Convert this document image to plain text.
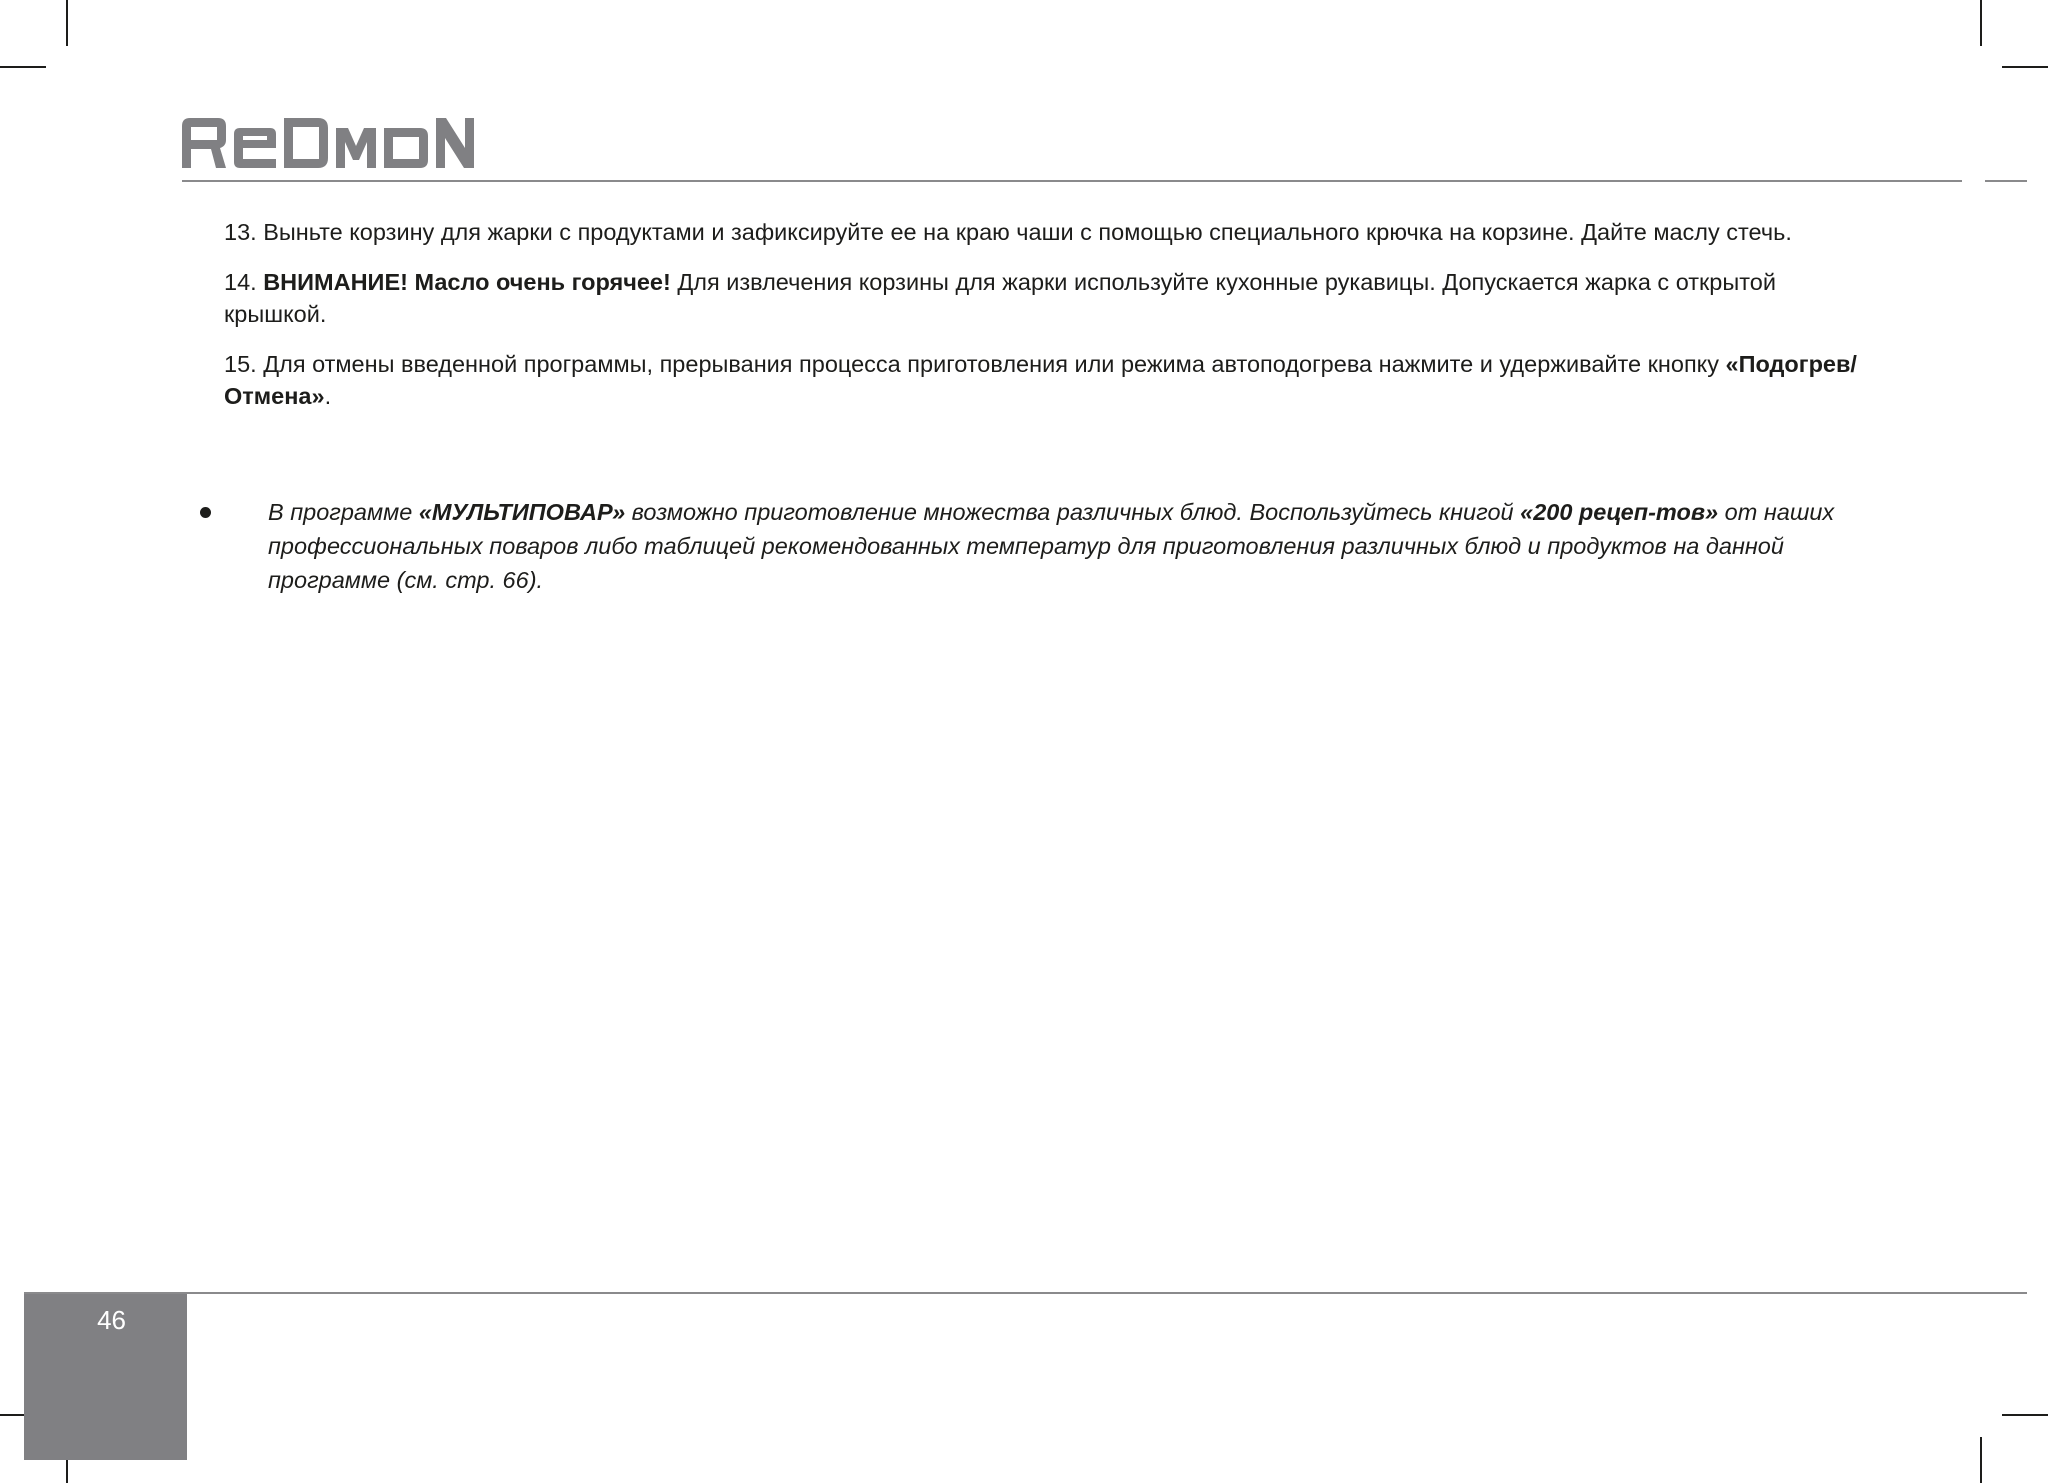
13. Выньте корзину для жарки с продуктами и зафиксируйте ее на краю чаши с помощью специального крючка на корзине. Дайте маслу стечь.

14. ВНИМАНИЕ! Масло очень горячее! Для извлечения корзины для жарки используйте кухонные рукавицы. Допускается жарка с открытой крышкой.

15. Для отмены введенной программы, прерывания процесса приготовления или режима автоподогрева нажмите и удерживайте кнопку «Подогрев/Отмена».

В программе «МУЛЬТИПОВАР» возможно приготовление множества различных блюд. Воспользуйтесь книгой «200 рецеп-тов» от наших профессиональных поваров либо таблицей рекомендованных температур для приготовления различных блюд и продуктов на данной программе (см. стр. 66).
46
